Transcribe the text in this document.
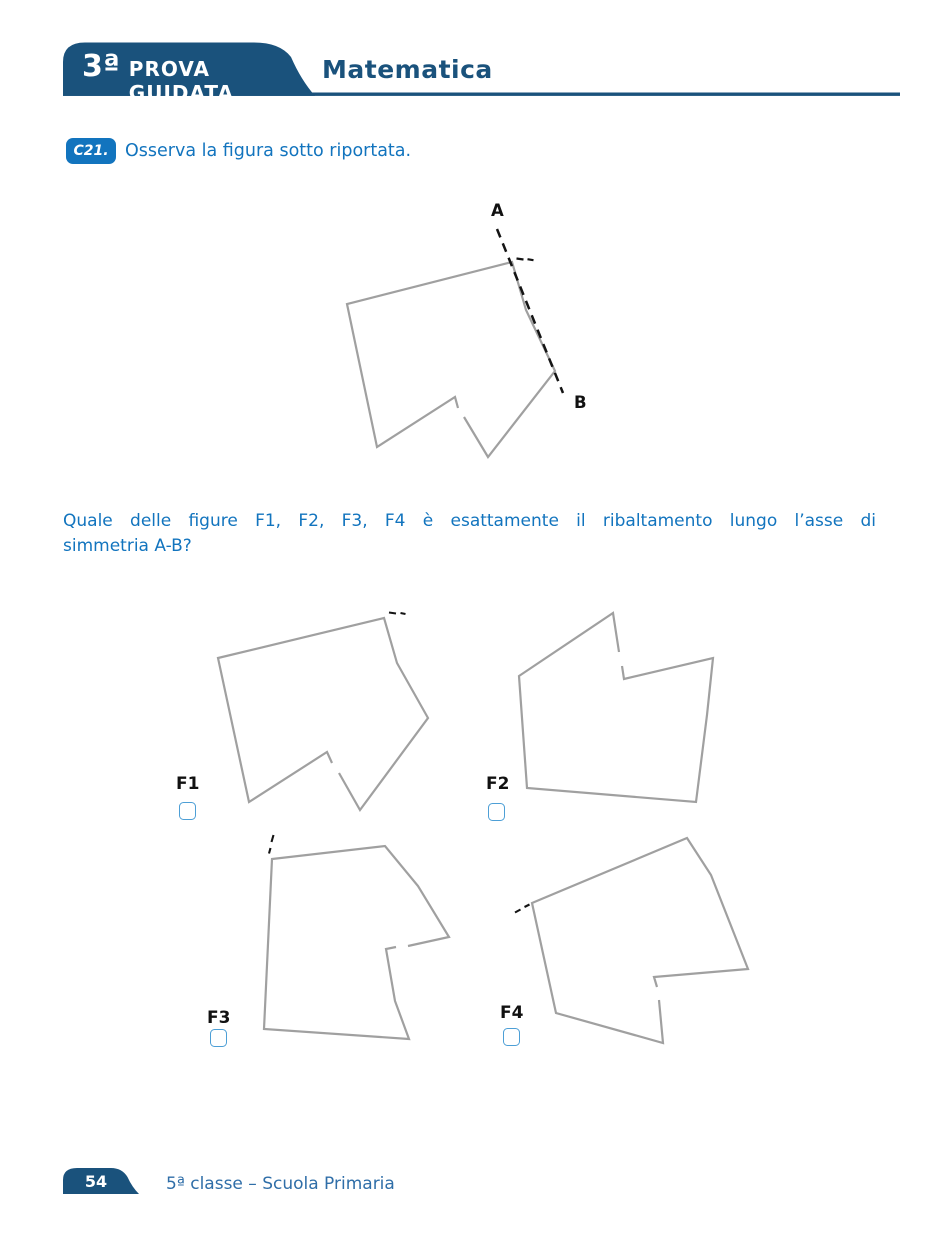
3ª PROVA GUIDATA
Matematica
C21. Osserva la figura sotto riportata.
A
B
Quale delle figure F1, F2, F3, F4 è esattamente il ribaltamento lungo l’asse di
simmetria A-B?
F1	F2
F3	F4
54	5ª classe – Scuola Primaria
